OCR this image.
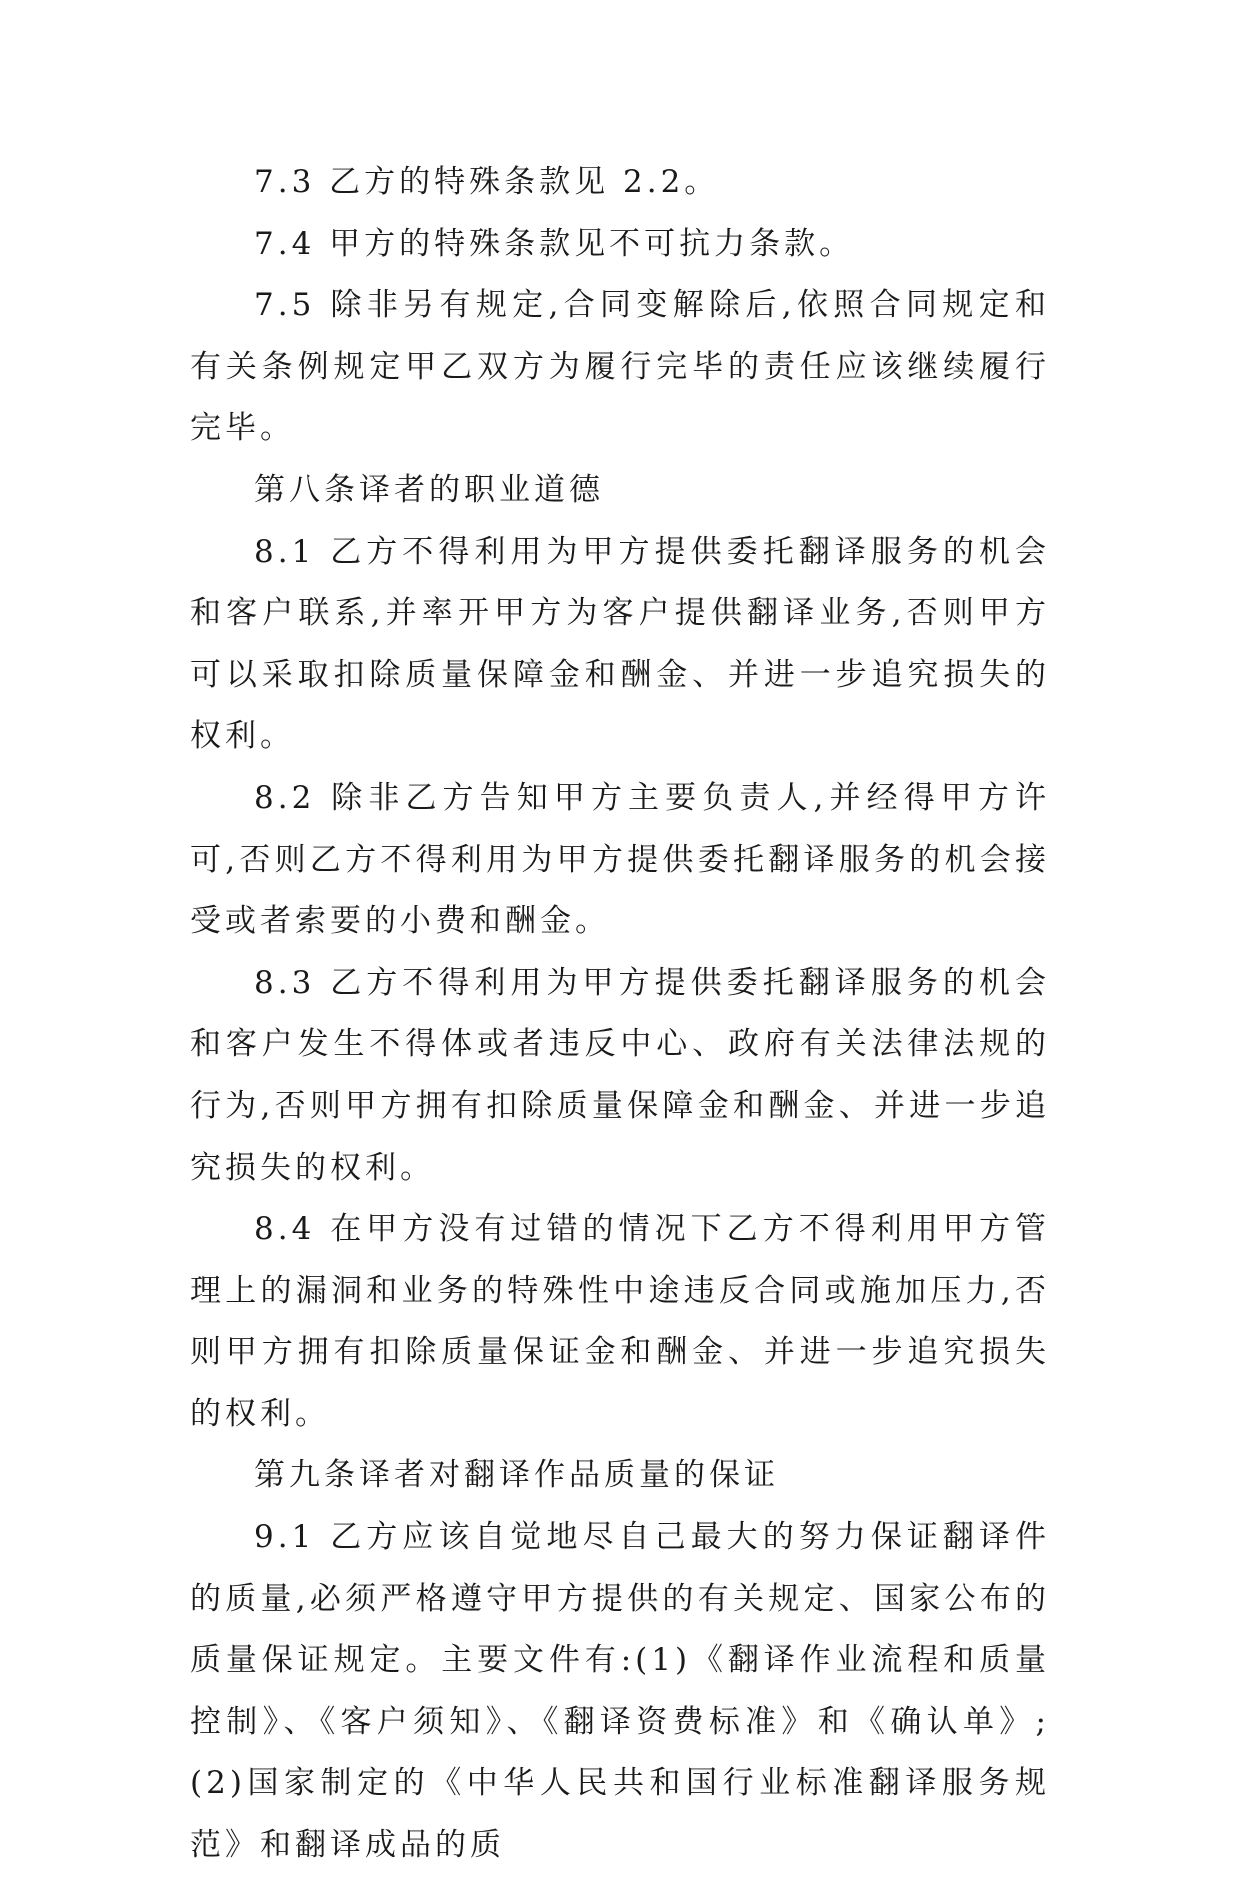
7.3 乙方的特殊条款见 2.2。

7.4 甲方的特殊条款见不可抗力条款。

7.5 除非另有规定,合同变解除后,依照合同规定和有关条例规定甲乙双方为履行完毕的责任应该继续履行完毕。

第八条译者的职业道德

8.1 乙方不得利用为甲方提供委托翻译服务的机会和客户联系,并率开甲方为客户提供翻译业务,否则甲方可以采取扣除质量保障金和酬金、并进一步追究损失的权利。

8.2 除非乙方告知甲方主要负责人,并经得甲方许可,否则乙方不得利用为甲方提供委托翻译服务的机会接受或者索要的小费和酬金。

8.3 乙方不得利用为甲方提供委托翻译服务的机会和客户发生不得体或者违反中心、政府有关法律法规的行为,否则甲方拥有扣除质量保障金和酬金、并进一步追究损失的权利。

8.4 在甲方没有过错的情况下乙方不得利用甲方管理上的漏洞和业务的特殊性中途违反合同或施加压力,否则甲方拥有扣除质量保证金和酬金、并进一步追究损失的权利。

第九条译者对翻译作品质量的保证

9.1 乙方应该自觉地尽自己最大的努力保证翻译件的质量,必须严格遵守甲方提供的有关规定、国家公布的质量保证规定。主要文件有:(1)《翻译作业流程和质量控制》、《客户须知》、《翻译资费标准》和《确认单》;(2)国家制定的《中华人民共和国行业标准翻译服务规范》和翻译成品的质
